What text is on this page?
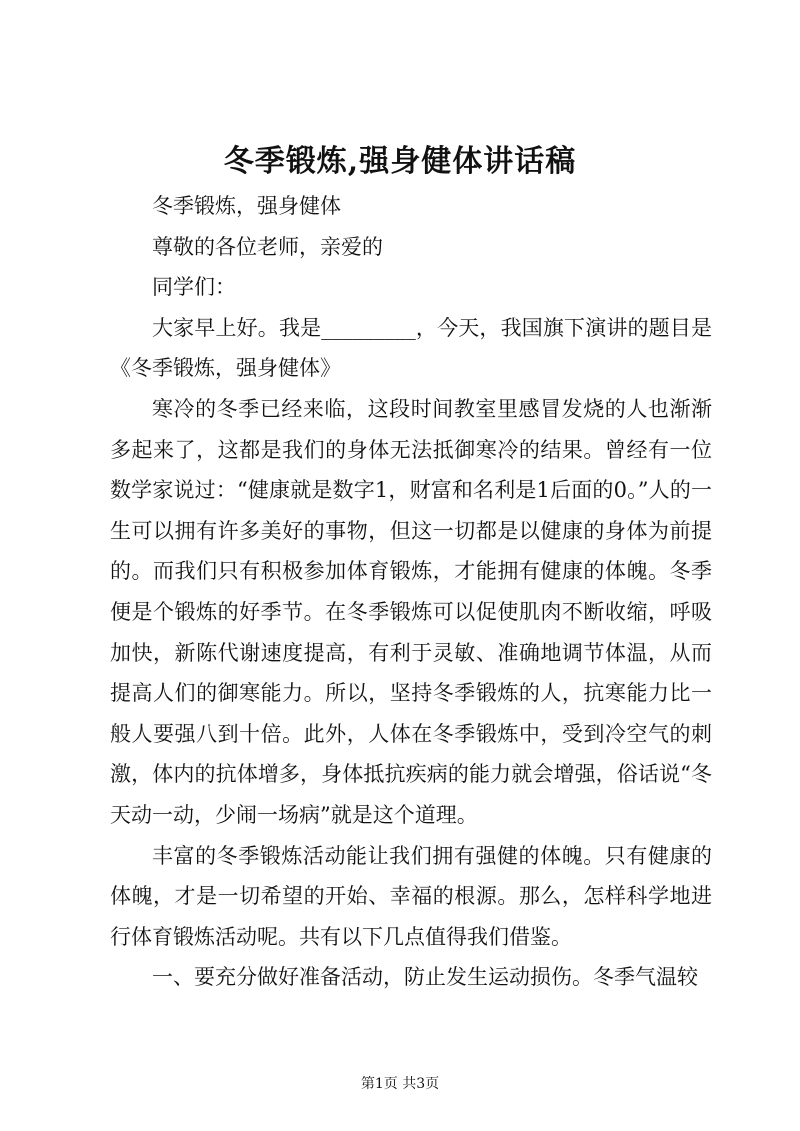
冬季锻炼,强身健体讲话稿

冬季锻炼，强身健体

尊敬的各位老师，亲爱的

同学们：

大家早上好。我是_________，今天，我国旗下演讲的题目是《冬季锻炼，强身健体》

寒冷的冬季已经来临，这段时间教室里感冒发烧的人也渐渐多起来了，这都是我们的身体无法抵御寒冷的结果。曾经有一位数学家说过：“健康就是数字1，财富和名利是1后面的0。”人的一生可以拥有许多美好的事物，但这一切都是以健康的身体为前提的。而我们只有积极参加体育锻炼，才能拥有健康的体魄。冬季便是个锻炼的好季节。在冬季锻炼可以促使肌肉不断收缩，呼吸加快，新陈代谢速度提高，有利于灵敏、准确地调节体温，从而提高人们的御寒能力。所以，坚持冬季锻炼的人，抗寒能力比一般人要强八到十倍。此外，人体在冬季锻炼中，受到冷空气的刺激，体内的抗体增多，身体抵抗疾病的能力就会增强，俗话说“冬天动一动，少闹一场病”就是这个道理。

丰富的冬季锻炼活动能让我们拥有强健的体魄。只有健康的体魄，才是一切希望的开始、幸福的根源。那么，怎样科学地进行体育锻炼活动呢。共有以下几点值得我们借鉴。

一、要充分做好准备活动，防止发生运动损伤。冬季气温较

第1页 共3页
